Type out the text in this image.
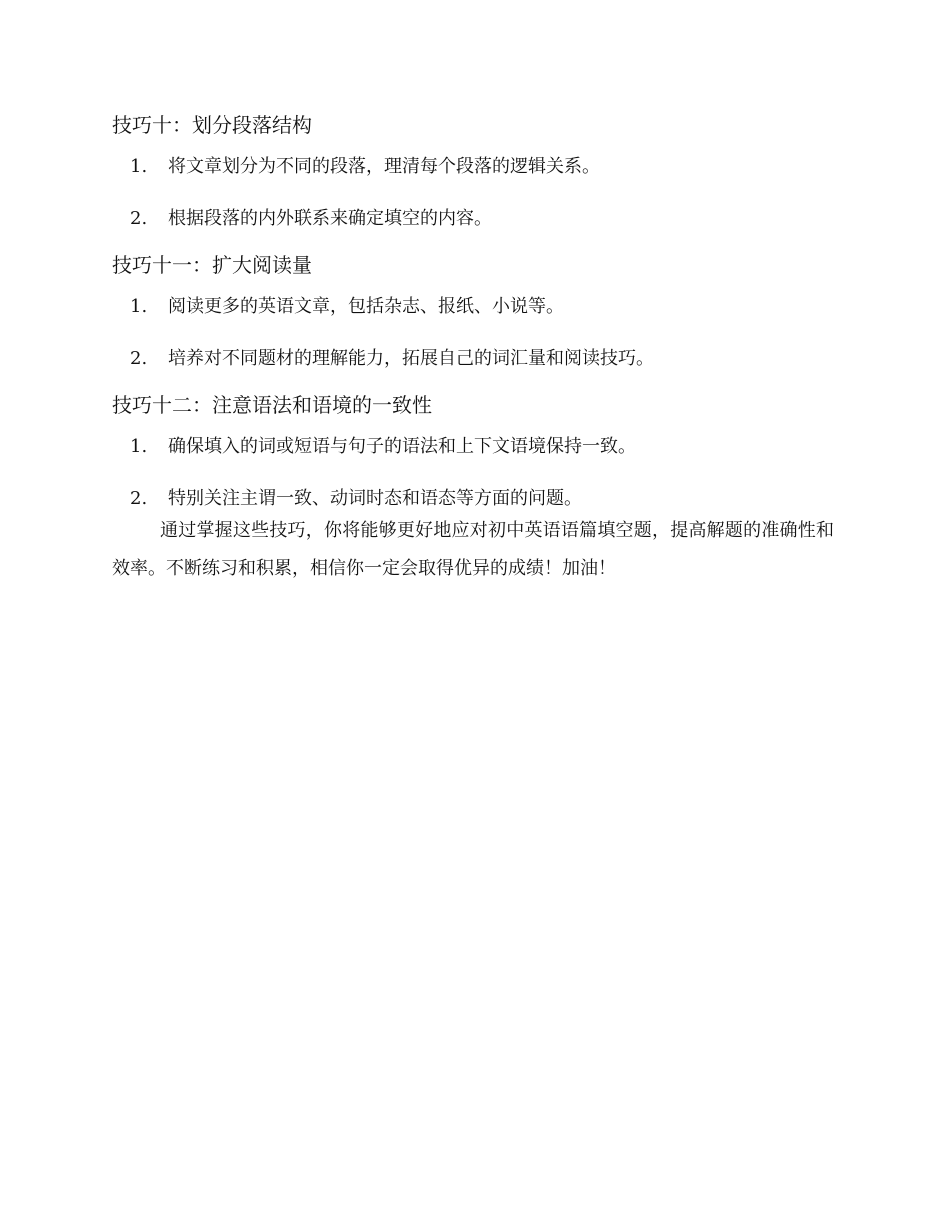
技巧十：划分段落结构
1.	将文章划分为不同的段落，理清每个段落的逻辑关系。
2.	根据段落的内外联系来确定填空的内容。
技巧十一：扩大阅读量
1.	阅读更多的英语文章，包括杂志、报纸、小说等。
2.	培养对不同题材的理解能力，拓展自己的词汇量和阅读技巧。
技巧十二：注意语法和语境的一致性
1.	确保填入的词或短语与句子的语法和上下文语境保持一致。
2.	特别关注主谓一致、动词时态和语态等方面的问题。

通过掌握这些技巧，你将能够更好地应对初中英语语篇填空题，提高解题的准确性和效率。不断练习和积累，相信你一定会取得优异的成绩！加油！
